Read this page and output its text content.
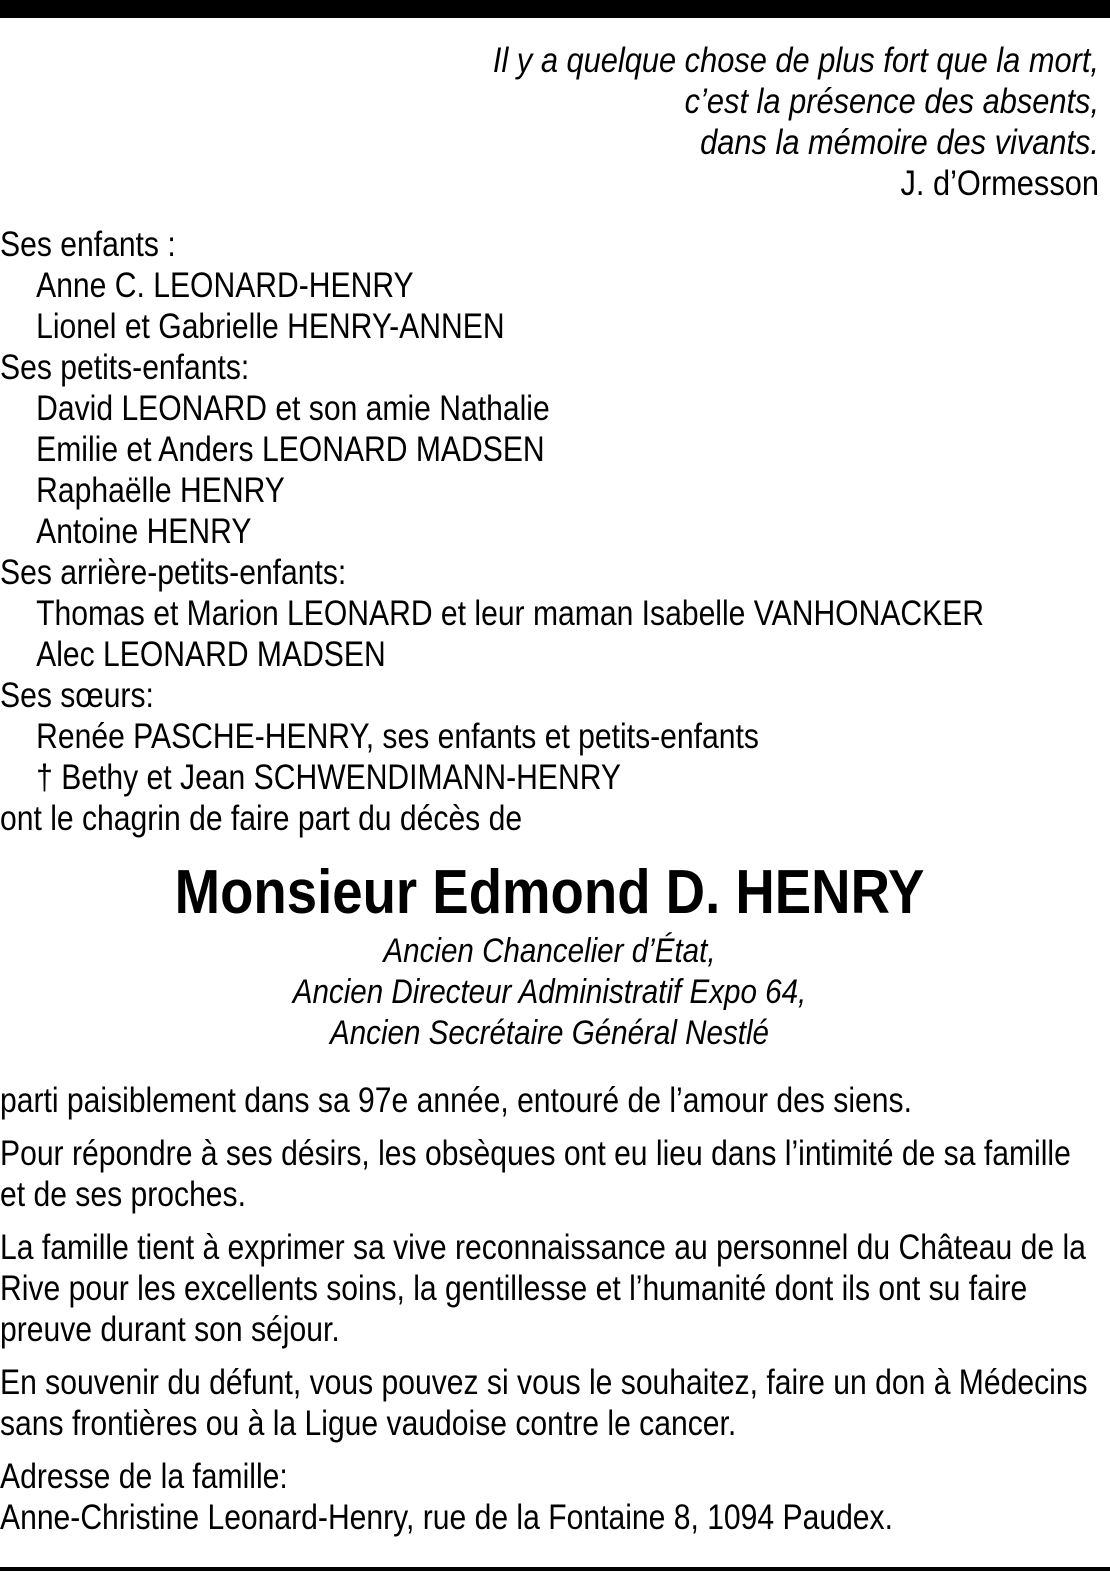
Il y a quelque chose de plus fort que la mort,
c’est la présence des absents,
dans la mémoire des vivants.
J. d’Ormesson
Ses enfants :
Anne C. LEONARD-HENRY
Lionel et Gabrielle HENRY-ANNEN
Ses petits-enfants:
David LEONARD et son amie Nathalie
Emilie et Anders LEONARD MADSEN
Raphaëlle HENRY
Antoine HENRY
Ses arrière-petits-enfants:
Thomas et Marion LEONARD et leur maman Isabelle VANHONACKER
Alec LEONARD MADSEN
Ses sœurs:
Renée PASCHE-HENRY, ses enfants et petits-enfants
† Bethy et Jean SCHWENDIMANN-HENRY
ont le chagrin de faire part du décès de
Monsieur Edmond D. HENRY
Ancien Chancelier d’État,
Ancien Directeur Administratif Expo 64,
Ancien Secrétaire Général Nestlé

parti paisiblement dans sa 97e année, entouré de l’amour des siens.

Pour répondre à ses désirs, les obsèques ont eu lieu dans l’intimité de sa famille et de ses proches.

La famille tient à exprimer sa vive reconnaissance au personnel du Château de la Rive pour les excellents soins, la gentillesse et l’humanité dont ils ont su faire preuve durant son séjour.

En souvenir du défunt, vous pouvez si vous le souhaitez, faire un don à Médecins sans frontières ou à la Ligue vaudoise contre le cancer.

Adresse de la famille:
Anne-Christine Leonard-Henry, rue de la Fontaine 8, 1094 Paudex.
